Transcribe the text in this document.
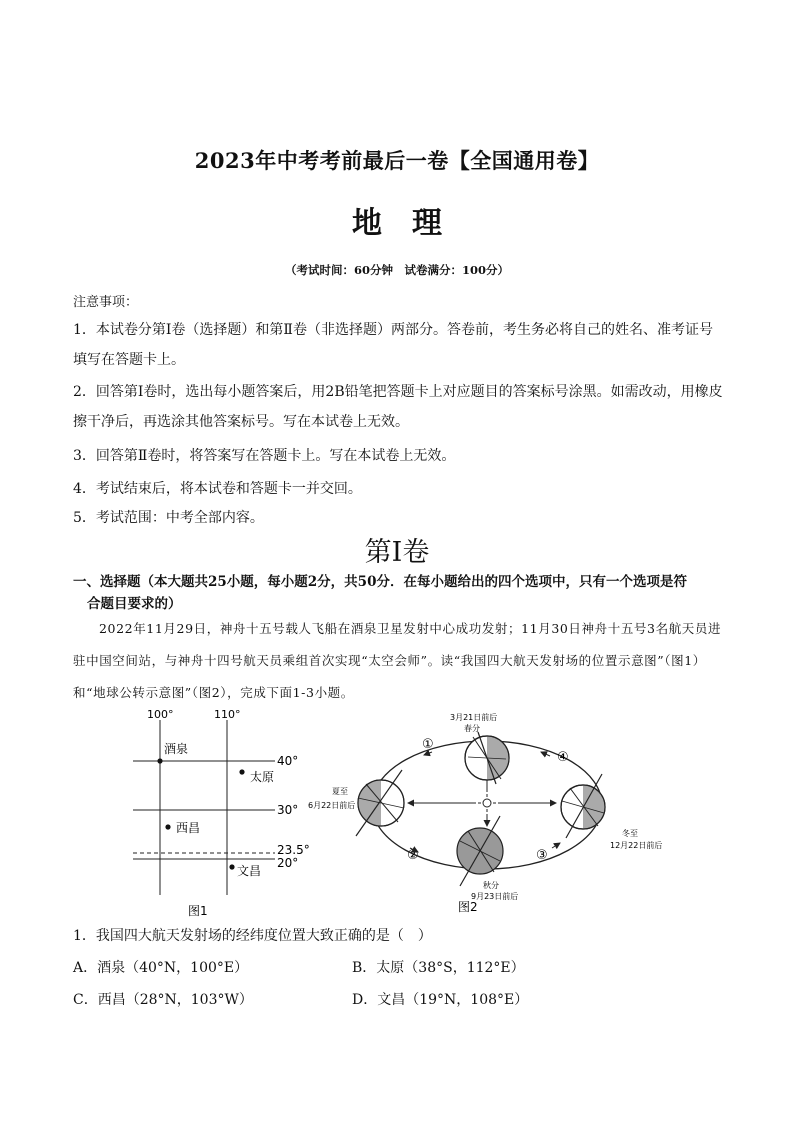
2023年中考考前最后一卷【全国通用卷】
地理
（考试时间：60分钟　试卷满分：100分）
注意事项：
1．本试卷分第Ⅰ卷（选择题）和第Ⅱ卷（非选择题）两部分。答卷前，考生务必将自己的姓名、准考证号填写在答题卡上。
2．回答第Ⅰ卷时，选出每小题答案后，用2B铅笔把答题卡上对应题目的答案标号涂黑。如需改动，用橡皮擦干净后，再选涂其他答案标号。写在本试卷上无效。
3．回答第Ⅱ卷时，将答案写在答题卡上。写在本试卷上无效。
4．考试结束后，将本试卷和答题卡一并交回。
5．考试范围：中考全部内容。
第Ⅰ卷
一、选择题（本大题共25小题，每小题2分，共50分．在每小题给出的四个选项中，只有一个选项是符
合题目要求的）
2022年11月29日，神舟十五号载人飞船在酒泉卫星发射中心成功发射；11月30日神舟十五号3名航天员进驻中国空间站，与神舟十四号航天员乘组首次实现“太空会师”。读“我国四大航天发射场的位置示意图”（图1）和“地球公转示意图”（图2），完成下面1-3小题。
100°	110°
40°
30°
23.5°
20°
酒泉
太原
西昌
文昌
图1
3月21日前后
春分
夏至
6月22日前后
秋分
9月23日前后
冬至
12月22日前后
①
②	③
④
图2
1．我国四大航天发射场的经纬度位置大致正确的是（　）
A．酒泉（40°N，100°E）	B．太原（38°S，112°E）
C．西昌（28°N，103°W）	D．文昌（19°N，108°E）
